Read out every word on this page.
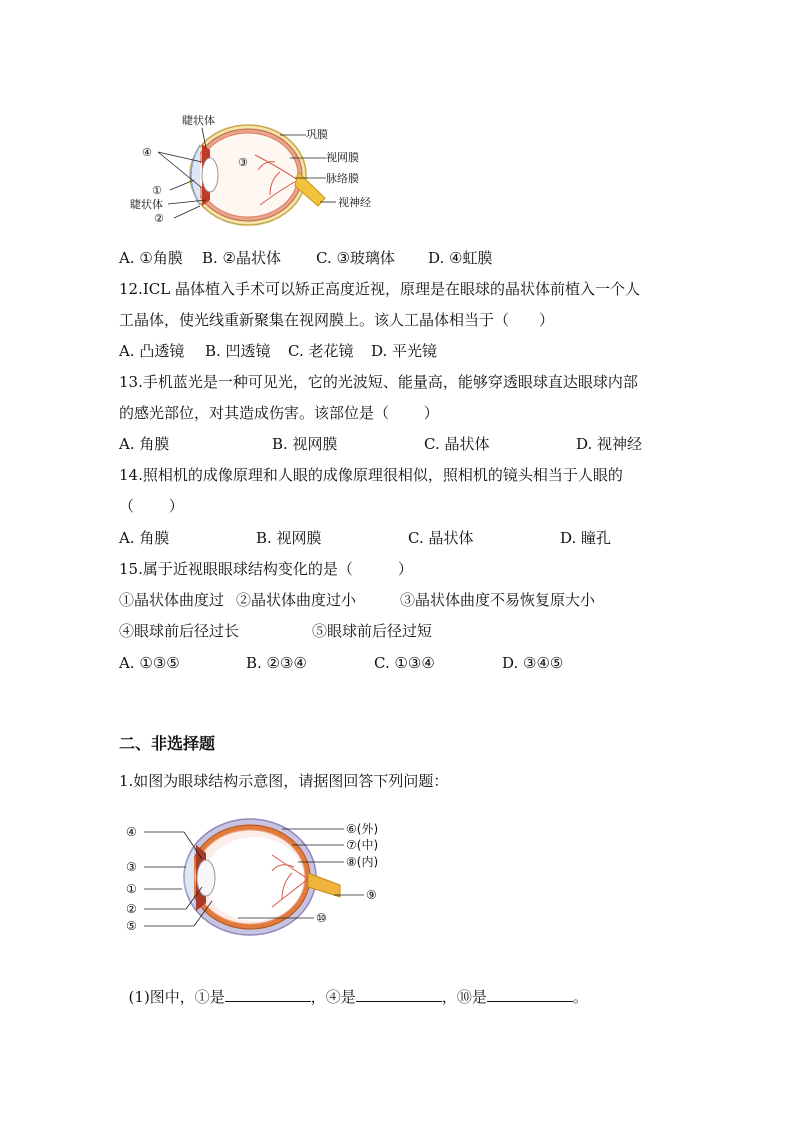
睫状体
④
③
①
睫状体
②
巩膜
视网膜
脉络膜
视神经
A. ①角膜 B. ②晶状体 C. ③玻璃体 D. ④虹膜
12.ICL 晶体植入手术可以矫正高度近视，原理是在眼球的晶状体前植入一个人
工晶体，使光线重新聚集在视网膜上。该人工晶体相当于（　　）
A. 凸透镜 B. 凹透镜 C. 老花镜 D. 平光镜
13.手机蓝光是一种可见光，它的光波短、能量高，能够穿透眼球直达眼球内部
的感光部位，对其造成伤害。该部位是（　　 ）
A. 角膜	B. 视网膜	C. 晶状体	D. 视神经
14.照相机的成像原理和人眼的成像原理很相似，照相机的镜头相当于人眼的
（　　 ）
A. 角膜	B. 视网膜	C. 晶状体	D. 瞳孔
15.属于近视眼眼球结构变化的是（　　　）
①晶状体曲度过 ②晶状体曲度过小	③晶状体曲度不易恢复原大小
④眼球前后径过长	⑤眼球前后径过短
A. ①③⑤	B. ②③④	C. ①③④	D. ③④⑤
二、非选择题
1.如图为眼球结构示意图，请据图回答下列问题：
④
③
①
②
⑤
⑥(外)
⑦(中)
⑧(内)
⑨
⑩

(1)图中，①是	，④是	，⑩是	。
